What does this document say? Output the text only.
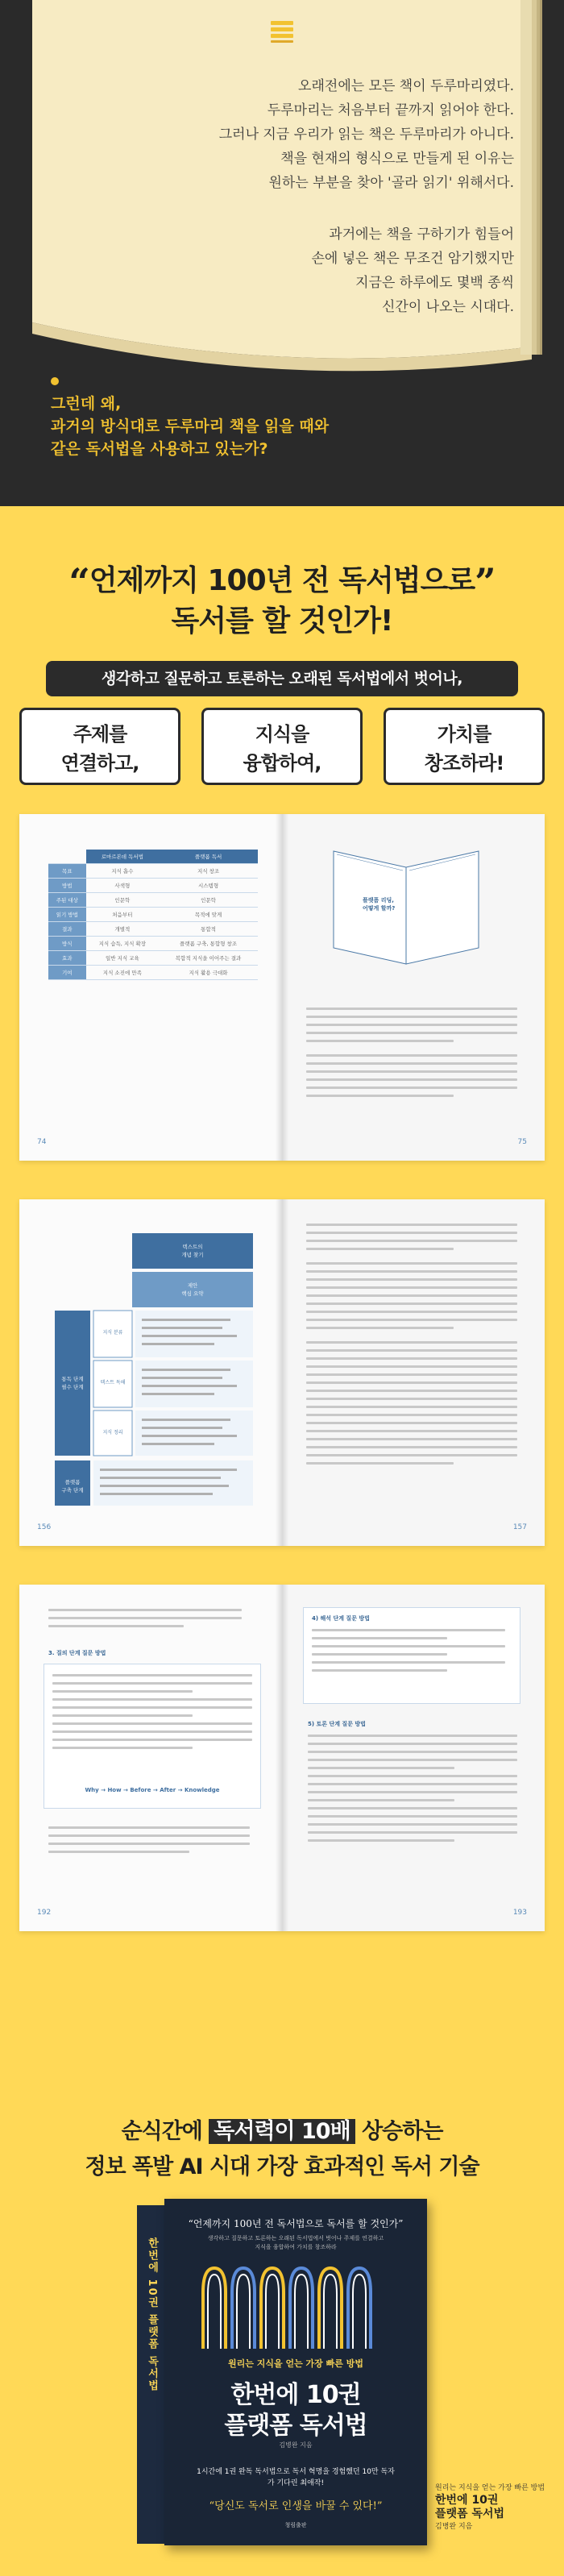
오래전에는 모든 책이 두루마리였다.

두루마리는 처음부터 끝까지 읽어야 한다.

그러나 지금 우리가 읽는 책은 두루마리가 아니다.

책을 현재의 형식으로 만들게 된 이유는

원하는 부분을 찾아 '골라 읽기' 위해서다.

과거에는 책을 구하기가 힘들어

손에 넣은 책은 무조건 암기했지만

지금은 하루에도 몇백 종씩

신간이 나오는 시대다.

그런데 왜,
과거의 방식대로 두루마리 책을 읽을 때와
같은 독서법을 사용하고 있는가?
“언제까지 100년 전 독서법으로”
독서를 할 것인가!
생각하고 질문하고 토론하는 오래된 독서법에서 벗어나,
주제를
연결하고,
지식을
융합하여,
가치를
창조하라!
	로마르본데 독서법	플랫폼 독서
목표	지식 흡수	지식 창조
방법	사색형	시스템형
주된 대상	인문학	인문학
읽기 방법	처음부터	목적에 맞게
결과	개별적	통합적
방식	지식 습득, 지식 확장	플랫폼 구축, 통합형 창조
효과	일반 지식 교육	복합적 지식을 이어주는 결과
기여	지식 소진에 만족	지식 활용 극대화
74
플랫폼 리딩,
어떻게 할까?
75
텍스트의
개념 찾기
제안
핵심 요약
통독 단계
필수 단계
지식 분류
텍스트 독해
지식 정리
플랫폼
구축 단계
156	157
3. 질의 단계 질문 방법
Why → How → Before → After → Knowledge
192
4) 해석 단계 질문 방법
5) 토론 단계 질문 방법
193
순식간에 독서력이 10배 상승하는
정보 폭발 AI 시대 가장 효과적인 독서 기술
한번에 10권 플랫폼 독서법
“언제까지 100년 전 독서법으로 독서를 할 것인가”
생각하고 질문하고 토론하는 오래된 독서법에서 벗어나 주제를 연결하고 지식을 융합하여 가치를 창조하라
원리는 지식을 얻는 가장 빠른 방법
한번에 10권
플랫폼 독서법
김병완 지음
1시간에 1권 완독 독서법으로 독서 혁명을 경험했던 10만 독자가 기다린 최애작!
“당신도 독서로 인생을 바꿀 수 있다!”
청림출판
원리는 지식을 얻는 가장 빠른 방법
한번에 10권
플랫폼 독서법
김병완 지음
